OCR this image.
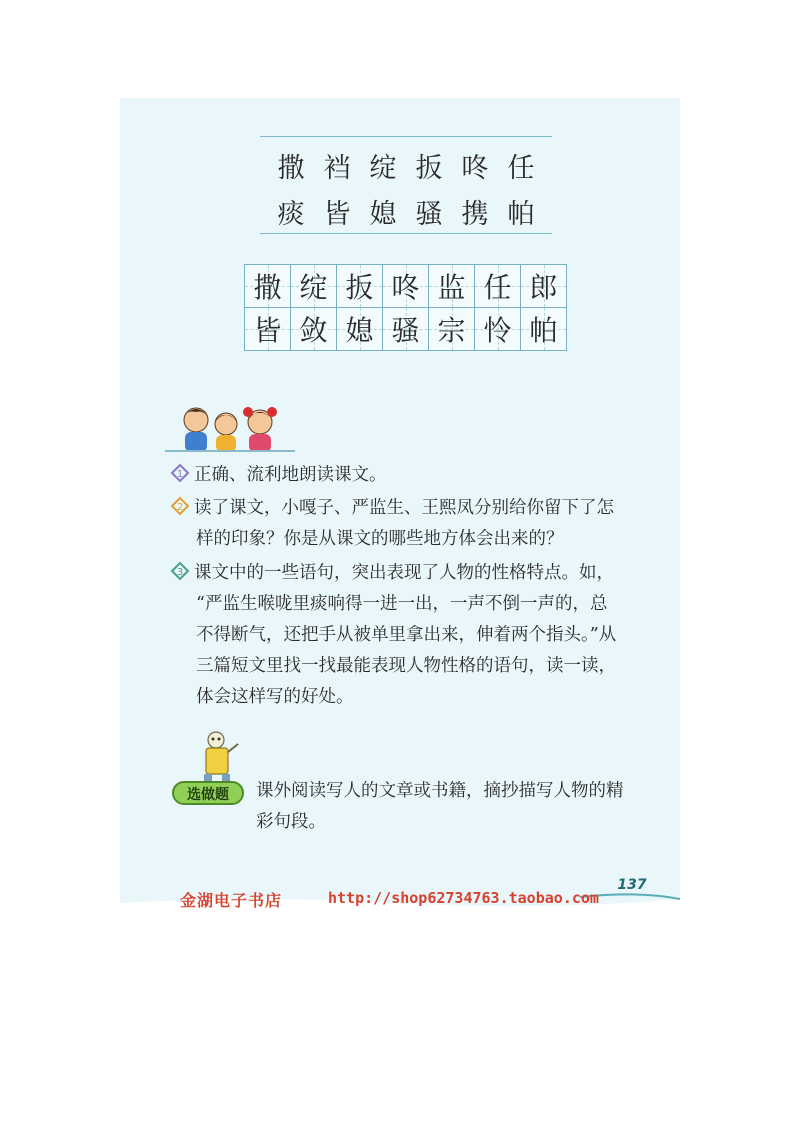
撒 裆 绽 扳 咚 任
痰 皆 媳 骚 携 帕
撒	绽	扳	咚	监	任	郎
皆	敛	媳	骚	宗	怜	帕
1 正确、流利地朗读课文。
2 读了课文，小嘎子、严监生、王熙凤分别给你留下了怎
样的印象？你是从课文的哪些地方体会出来的？
3 课文中的一些语句，突出表现了人物的性格特点。如，
“严监生喉咙里痰响得一进一出，一声不倒一声的，总
不得断气，还把手从被单里拿出来，伸着两个指头。”从
三篇短文里找一找最能表现人物性格的语句，读一读，
体会这样写的好处。
选做题	课外阅读写人的文章或书籍，摘抄描写人物的精
彩句段。
137
金湖电子书店	http://shop62734763.taobao.com
